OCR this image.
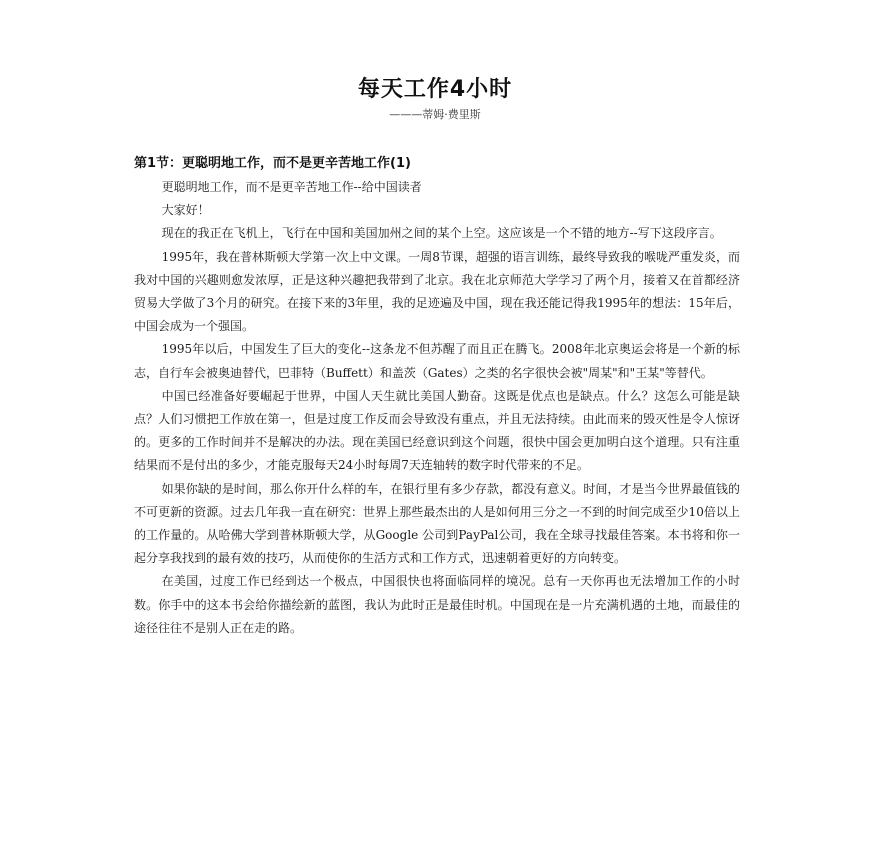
每天工作4小时
———蒂姆·费里斯
第1节：更聪明地工作，而不是更辛苦地工作(1)

更聪明地工作，而不是更辛苦地工作--给中国读者

大家好！

现在的我正在飞机上，飞行在中国和美国加州之间的某个上空。这应该是一个不错的地方--写下这段序言。

1995年，我在普林斯顿大学第一次上中文课。一周8节课，超强的语言训练，最终导致我的喉咙严重发炎，而我对中国的兴趣则愈发浓厚，正是这种兴趣把我带到了北京。我在北京师范大学学习了两个月，接着又在首都经济贸易大学做了3个月的研究。在接下来的3年里，我的足迹遍及中国，现在我还能记得我1995年的想法：15年后，中国会成为一个强国。

1995年以后，中国发生了巨大的变化--这条龙不但苏醒了而且正在腾飞。2008年北京奥运会将是一个新的标志，自行车会被奥迪替代，巴菲特（Buffett）和盖茨（Gates）之类的名字很快会被"周某"和"王某"等替代。

中国已经准备好要崛起于世界，中国人天生就比美国人勤奋。这既是优点也是缺点。什么？这怎么可能是缺点？人们习惯把工作放在第一，但是过度工作反而会导致没有重点，并且无法持续。由此而来的毁灭性是令人惊讶的。更多的工作时间并不是解决的办法。现在美国已经意识到这个问题，很快中国会更加明白这个道理。只有注重结果而不是付出的多少，才能克服每天24小时每周7天连轴转的数字时代带来的不足。

如果你缺的是时间，那么你开什么样的车，在银行里有多少存款，都没有意义。时间，才是当今世界最值钱的不可更新的资源。过去几年我一直在研究：世界上那些最杰出的人是如何用三分之一不到的时间完成至少10倍以上的工作量的。从哈佛大学到普林斯顿大学，从Google 公司到PayPal公司，我在全球寻找最佳答案。本书将和你一起分享我找到的最有效的技巧，从而使你的生活方式和工作方式，迅速朝着更好的方向转变。

在美国，过度工作已经到达一个极点，中国很快也将面临同样的境况。总有一天你再也无法增加工作的小时数。你手中的这本书会给你描绘新的蓝图，我认为此时正是最佳时机。中国现在是一片充满机遇的土地，而最佳的途径往往不是别人正在走的路。
